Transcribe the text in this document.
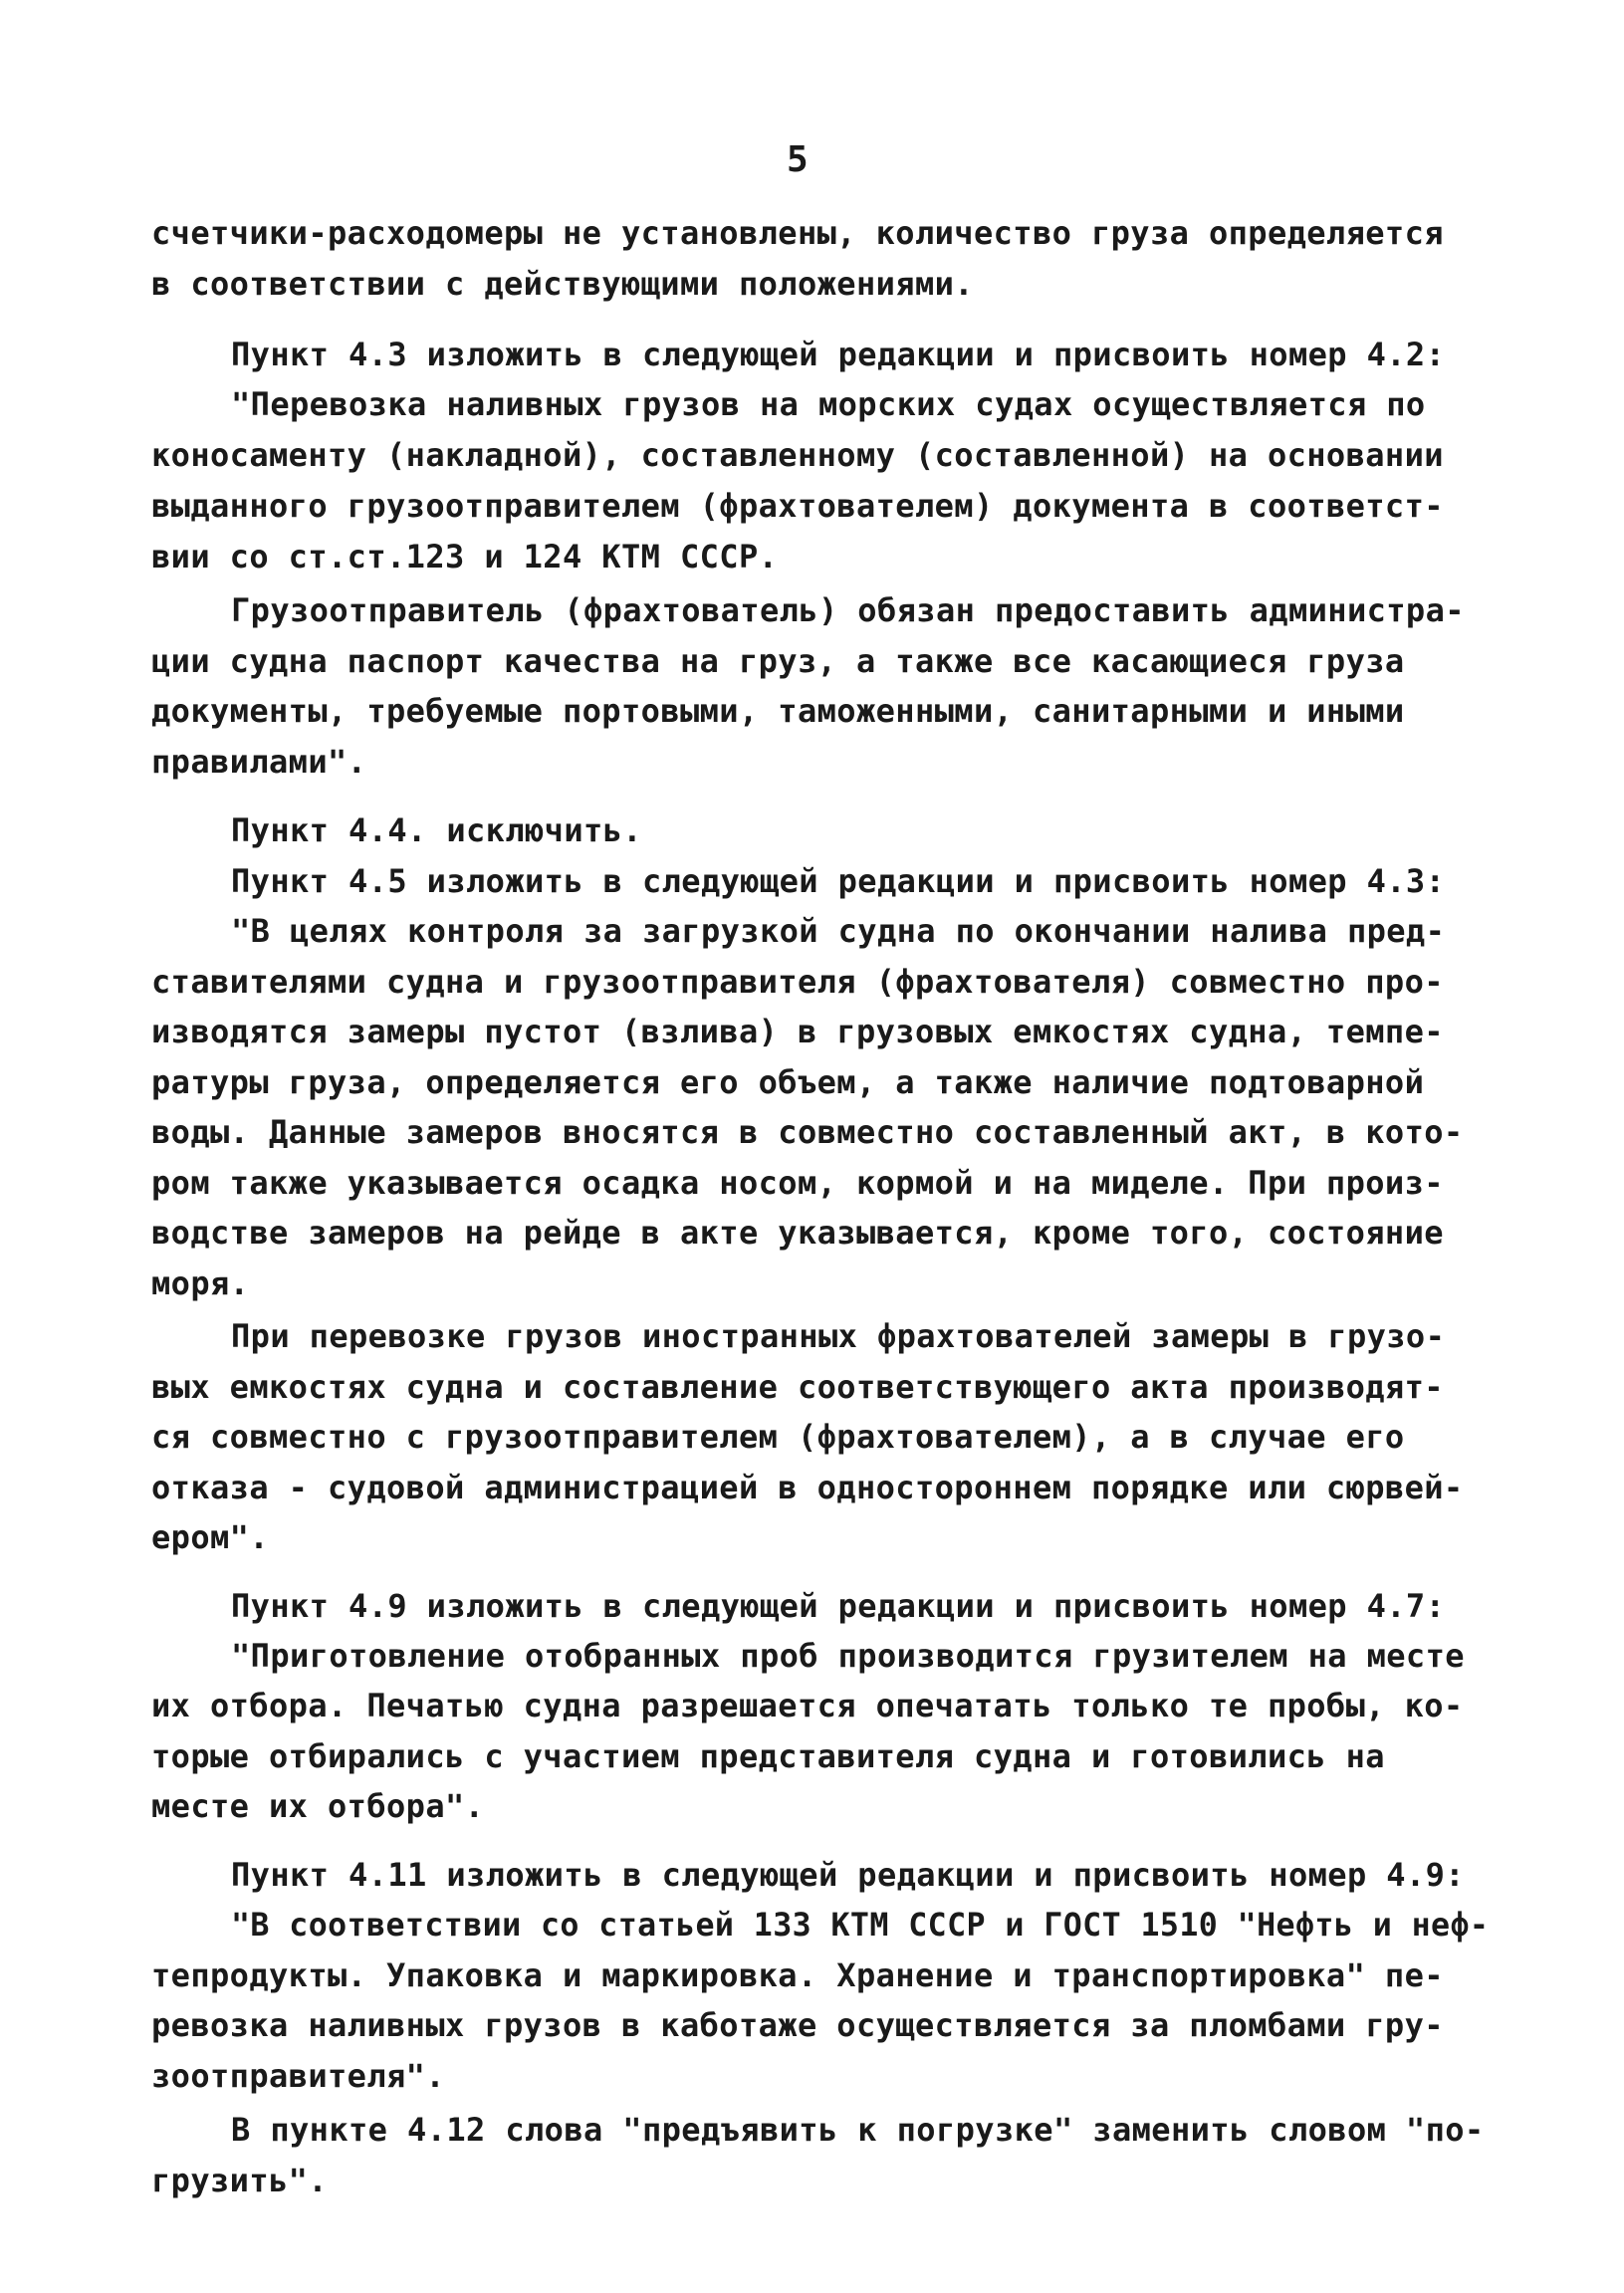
5
счетчики-расходомеры не установлены, количество груза определяется
в соответствии с действующими положениями.
Пункт 4.3 изложить в следующей редакции и присвоить номер 4.2:
"Перевозка наливных грузов на морских судах осуществляется по
коносаменту (накладной), составленному (составленной) на основании
выданного грузоотправителем (фрахтователем) документа в соответст-
вии со ст.ст.123 и 124 КТМ СССР.
Грузоотправитель (фрахтователь) обязан предоставить администра-
ции судна паспорт качества на груз, а также все касающиеся груза
документы, требуемые портовыми, таможенными, санитарными и иными
правилами".
Пункт 4.4. исключить.
Пункт 4.5 изложить в следующей редакции и присвоить номер 4.3:
"В целях контроля за загрузкой судна по окончании налива пред-
ставителями судна и грузоотправителя (фрахтователя) совместно про-
изводятся замеры пустот (взлива) в грузовых емкостях судна, темпе-
ратуры груза, определяется его объем, а также наличие подтоварной
воды. Данные замеров вносятся в совместно составленный акт, в кото-
ром также указывается осадка носом, кормой и на миделе. При произ-
водстве замеров на рейде в акте указывается, кроме того, состояние
моря.
При перевозке грузов иностранных фрахтователей замеры в грузо-
вых емкостях судна и составление соответствующего акта производят-
ся совместно с грузоотправителем (фрахтователем), а в случае его
отказа - судовой администрацией в одностороннем порядке или сюрвей-
ером".
Пункт 4.9 изложить в следующей редакции и присвоить номер 4.7:
"Приготовление отобранных проб производится грузителем на месте
их отбора. Печатью судна разрешается опечатать только те пробы, ко-
торые отбирались с участием представителя судна и готовились на
месте их отбора".
Пункт 4.11 изложить в следующей редакции и присвоить номер 4.9:
"В соответствии со статьей 133 КТМ СССР и ГОСТ 1510 "Нефть и неф-
тепродукты. Упаковка и маркировка. Хранение и транспортировка" пе-
ревозка наливных грузов в каботаже осуществляется за пломбами гру-
зоотправителя".
В пункте 4.12 слова "предъявить к погрузке" заменить словом "по-
грузить".
